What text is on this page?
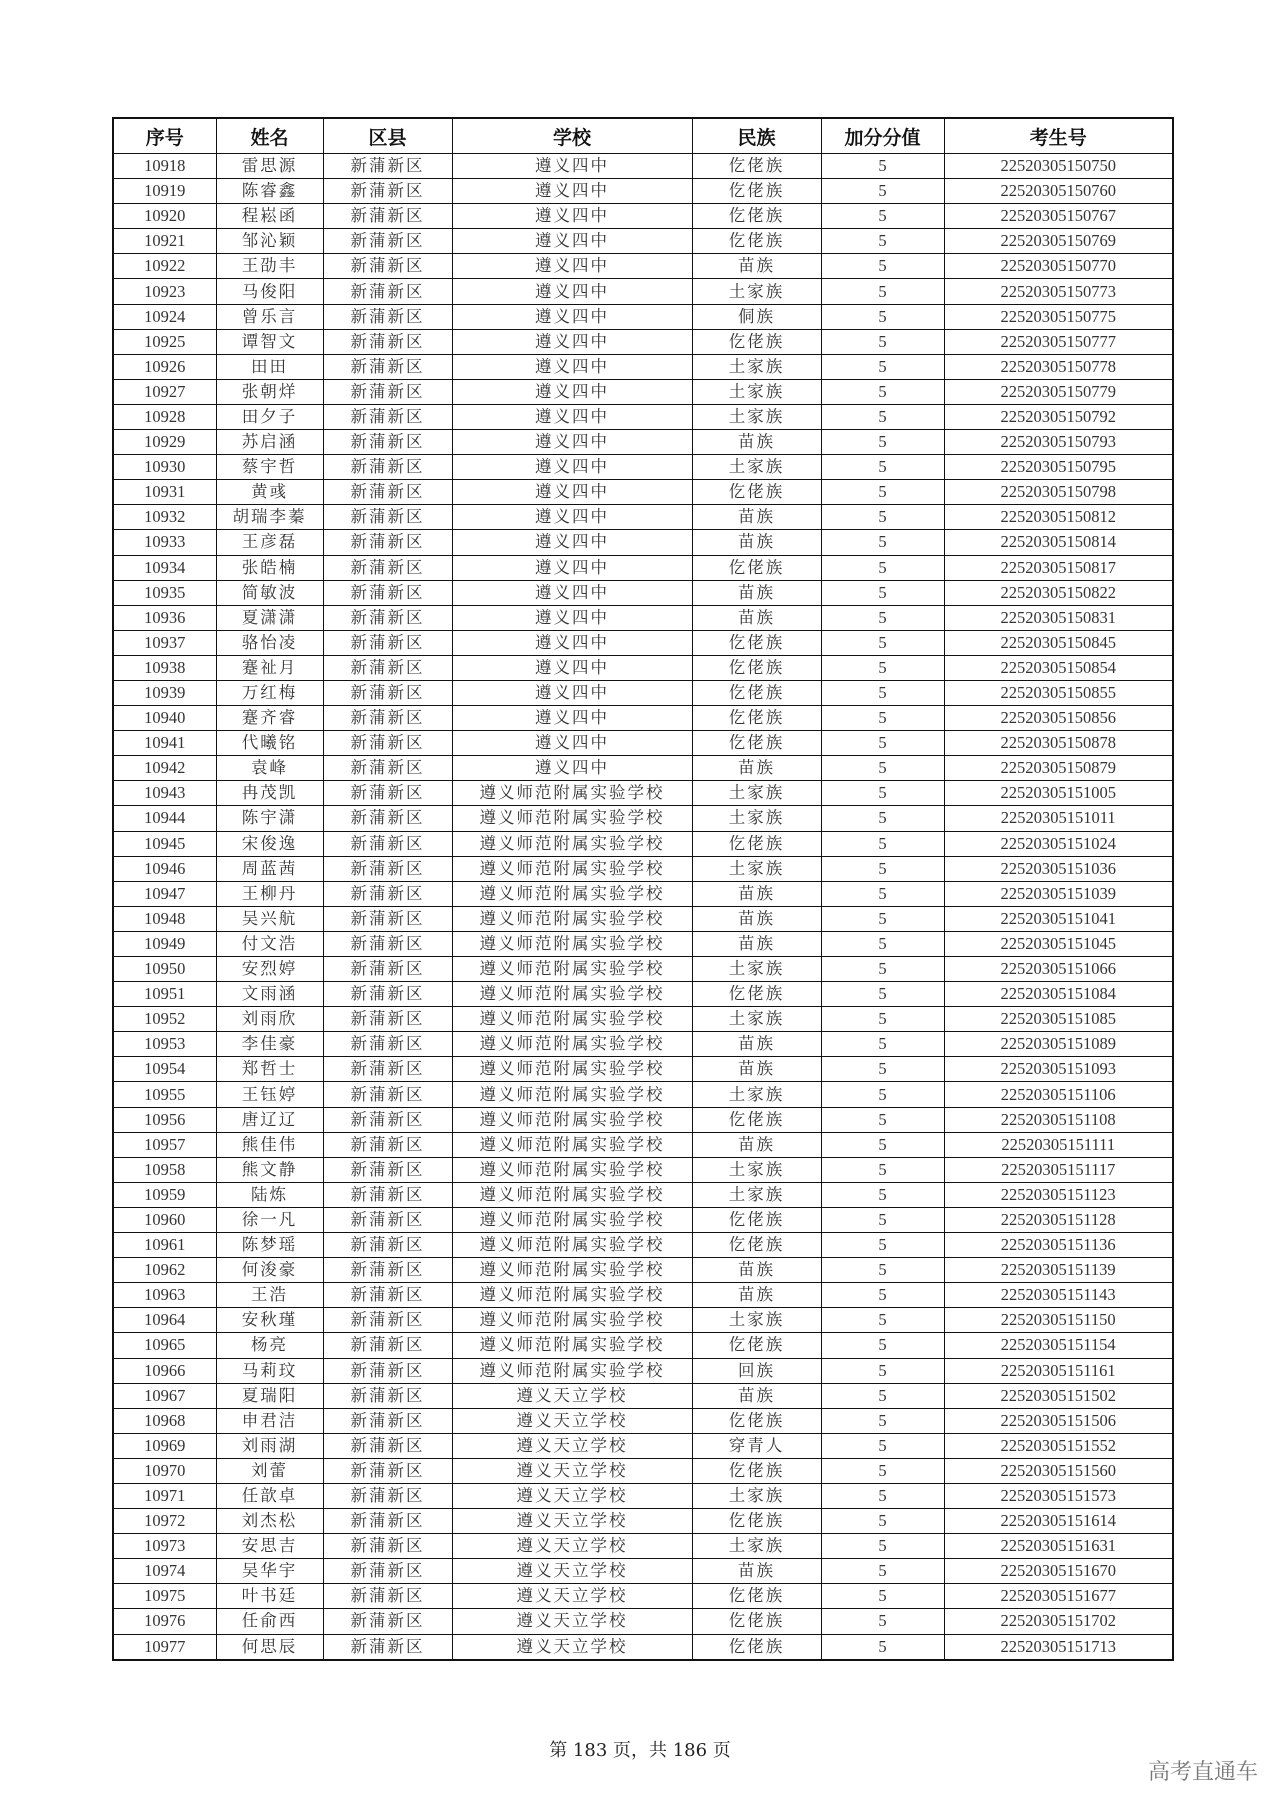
序号	姓名	区县	学校	民族	加分分值	考生号
10918	雷思源	新蒲新区	遵义四中	仡佬族	5	22520305150750
10919	陈睿鑫	新蒲新区	遵义四中	仡佬族	5	22520305150760
10920	程崧函	新蒲新区	遵义四中	仡佬族	5	22520305150767
10921	邹沁颖	新蒲新区	遵义四中	仡佬族	5	22520305150769
10922	王劭丰	新蒲新区	遵义四中	苗族	5	22520305150770
10923	马俊阳	新蒲新区	遵义四中	土家族	5	22520305150773
10924	曾乐言	新蒲新区	遵义四中	侗族	5	22520305150775
10925	谭智文	新蒲新区	遵义四中	仡佬族	5	22520305150777
10926	田田	新蒲新区	遵义四中	土家族	5	22520305150778
10927	张朝烊	新蒲新区	遵义四中	土家族	5	22520305150779
10928	田夕子	新蒲新区	遵义四中	土家族	5	22520305150792
10929	苏启涵	新蒲新区	遵义四中	苗族	5	22520305150793
10930	蔡宇哲	新蒲新区	遵义四中	土家族	5	22520305150795
10931	黄彧	新蒲新区	遵义四中	仡佬族	5	22520305150798
10932	胡瑞李蓁	新蒲新区	遵义四中	苗族	5	22520305150812
10933	王彦磊	新蒲新区	遵义四中	苗族	5	22520305150814
10934	张皓楠	新蒲新区	遵义四中	仡佬族	5	22520305150817
10935	简敏波	新蒲新区	遵义四中	苗族	5	22520305150822
10936	夏潇潇	新蒲新区	遵义四中	苗族	5	22520305150831
10937	骆怡凌	新蒲新区	遵义四中	仡佬族	5	22520305150845
10938	蹇祉月	新蒲新区	遵义四中	仡佬族	5	22520305150854
10939	万红梅	新蒲新区	遵义四中	仡佬族	5	22520305150855
10940	蹇齐睿	新蒲新区	遵义四中	仡佬族	5	22520305150856
10941	代曦铭	新蒲新区	遵义四中	仡佬族	5	22520305150878
10942	袁峰	新蒲新区	遵义四中	苗族	5	22520305150879
10943	冉茂凯	新蒲新区	遵义师范附属实验学校	土家族	5	22520305151005
10944	陈宇潇	新蒲新区	遵义师范附属实验学校	土家族	5	22520305151011
10945	宋俊逸	新蒲新区	遵义师范附属实验学校	仡佬族	5	22520305151024
10946	周蓝茜	新蒲新区	遵义师范附属实验学校	土家族	5	22520305151036
10947	王柳丹	新蒲新区	遵义师范附属实验学校	苗族	5	22520305151039
10948	吴兴航	新蒲新区	遵义师范附属实验学校	苗族	5	22520305151041
10949	付文浩	新蒲新区	遵义师范附属实验学校	苗族	5	22520305151045
10950	安烈婷	新蒲新区	遵义师范附属实验学校	土家族	5	22520305151066
10951	文雨涵	新蒲新区	遵义师范附属实验学校	仡佬族	5	22520305151084
10952	刘雨欣	新蒲新区	遵义师范附属实验学校	土家族	5	22520305151085
10953	李佳豪	新蒲新区	遵义师范附属实验学校	苗族	5	22520305151089
10954	郑哲士	新蒲新区	遵义师范附属实验学校	苗族	5	22520305151093
10955	王钰婷	新蒲新区	遵义师范附属实验学校	土家族	5	22520305151106
10956	唐辽辽	新蒲新区	遵义师范附属实验学校	仡佬族	5	22520305151108
10957	熊佳伟	新蒲新区	遵义师范附属实验学校	苗族	5	22520305151111
10958	熊文静	新蒲新区	遵义师范附属实验学校	土家族	5	22520305151117
10959	陆炼	新蒲新区	遵义师范附属实验学校	土家族	5	22520305151123
10960	徐一凡	新蒲新区	遵义师范附属实验学校	仡佬族	5	22520305151128
10961	陈梦瑶	新蒲新区	遵义师范附属实验学校	仡佬族	5	22520305151136
10962	何浚豪	新蒲新区	遵义师范附属实验学校	苗族	5	22520305151139
10963	王浩	新蒲新区	遵义师范附属实验学校	苗族	5	22520305151143
10964	安秋瑾	新蒲新区	遵义师范附属实验学校	土家族	5	22520305151150
10965	杨亮	新蒲新区	遵义师范附属实验学校	仡佬族	5	22520305151154
10966	马莉玟	新蒲新区	遵义师范附属实验学校	回族	5	22520305151161
10967	夏瑞阳	新蒲新区	遵义天立学校	苗族	5	22520305151502
10968	申君洁	新蒲新区	遵义天立学校	仡佬族	5	22520305151506
10969	刘雨湖	新蒲新区	遵义天立学校	穿青人	5	22520305151552
10970	刘蕾	新蒲新区	遵义天立学校	仡佬族	5	22520305151560
10971	任歆卓	新蒲新区	遵义天立学校	土家族	5	22520305151573
10972	刘杰松	新蒲新区	遵义天立学校	仡佬族	5	22520305151614
10973	安思吉	新蒲新区	遵义天立学校	土家族	5	22520305151631
10974	吴华宇	新蒲新区	遵义天立学校	苗族	5	22520305151670
10975	叶书廷	新蒲新区	遵义天立学校	仡佬族	5	22520305151677
10976	任俞西	新蒲新区	遵义天立学校	仡佬族	5	22520305151702
10977	何思辰	新蒲新区	遵义天立学校	仡佬族	5	22520305151713
第 183 页，共 186 页
高考直通车
